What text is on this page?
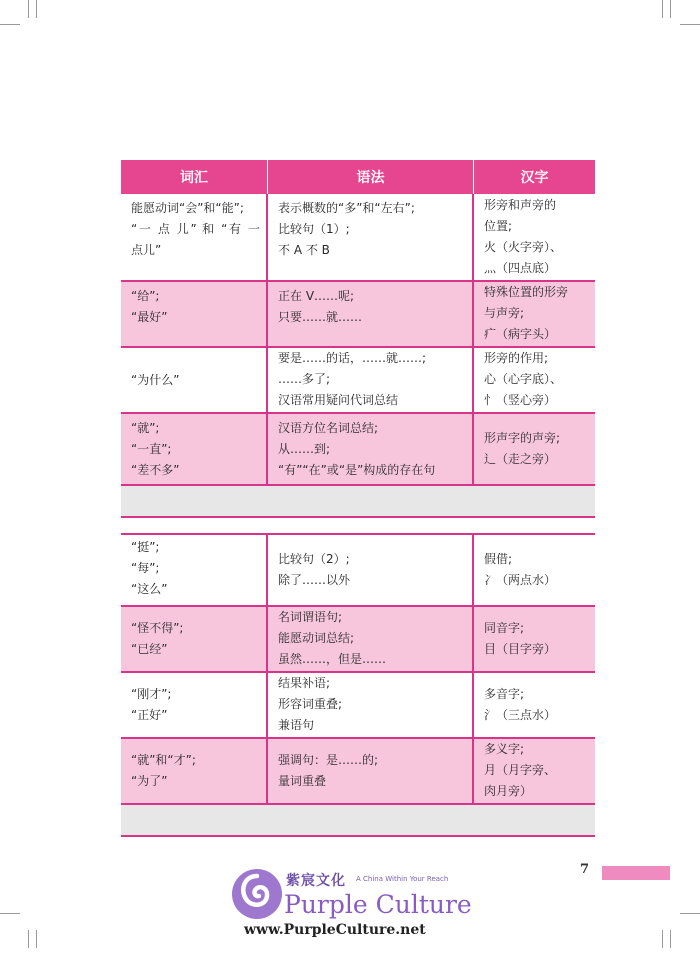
词汇	语法	汉字
能愿动词“会”和“能”;
“一 点 儿” 和 “有 一
点儿”
表示概数的“多”和“左右”;
比较句（1）;
不 A 不 B
形旁和声旁的
位置;
火（火字旁）、
灬（四点底）
“给”;
“最好”
正在 V……呢;
只要……就……
特殊位置的形旁
与声旁;
疒（病字头）
“为什么”
要是……的话，……就……;
……多了;
汉语常用疑问代词总结
形旁的作用;
心（心字底）、
忄（竖心旁）
“就”;
“一直”;
“差不多”
汉语方位名词总结;
从……到;
“有”“在”或“是”构成的存在句
形声字的声旁;
辶（走之旁）
“挺”;
“每”;
“这么”
比较句（2）;
除了……以外
假借;
冫（两点水）
“怪不得”;
“已经”
名词谓语句;
能愿动词总结;
虽然……，但是……
同音字;
目（目字旁）
“刚才”;
“正好”
结果补语;
形容词重叠;
兼语句
多音字;
氵（三点水）
“就”和“才”;
“为了”
强调句：是……的;
量词重叠
多义字;
月（月字旁、
肉月旁）
7
紫宸文化 A China Within Your Reach
Purple Culture
www.PurpleCulture.net
